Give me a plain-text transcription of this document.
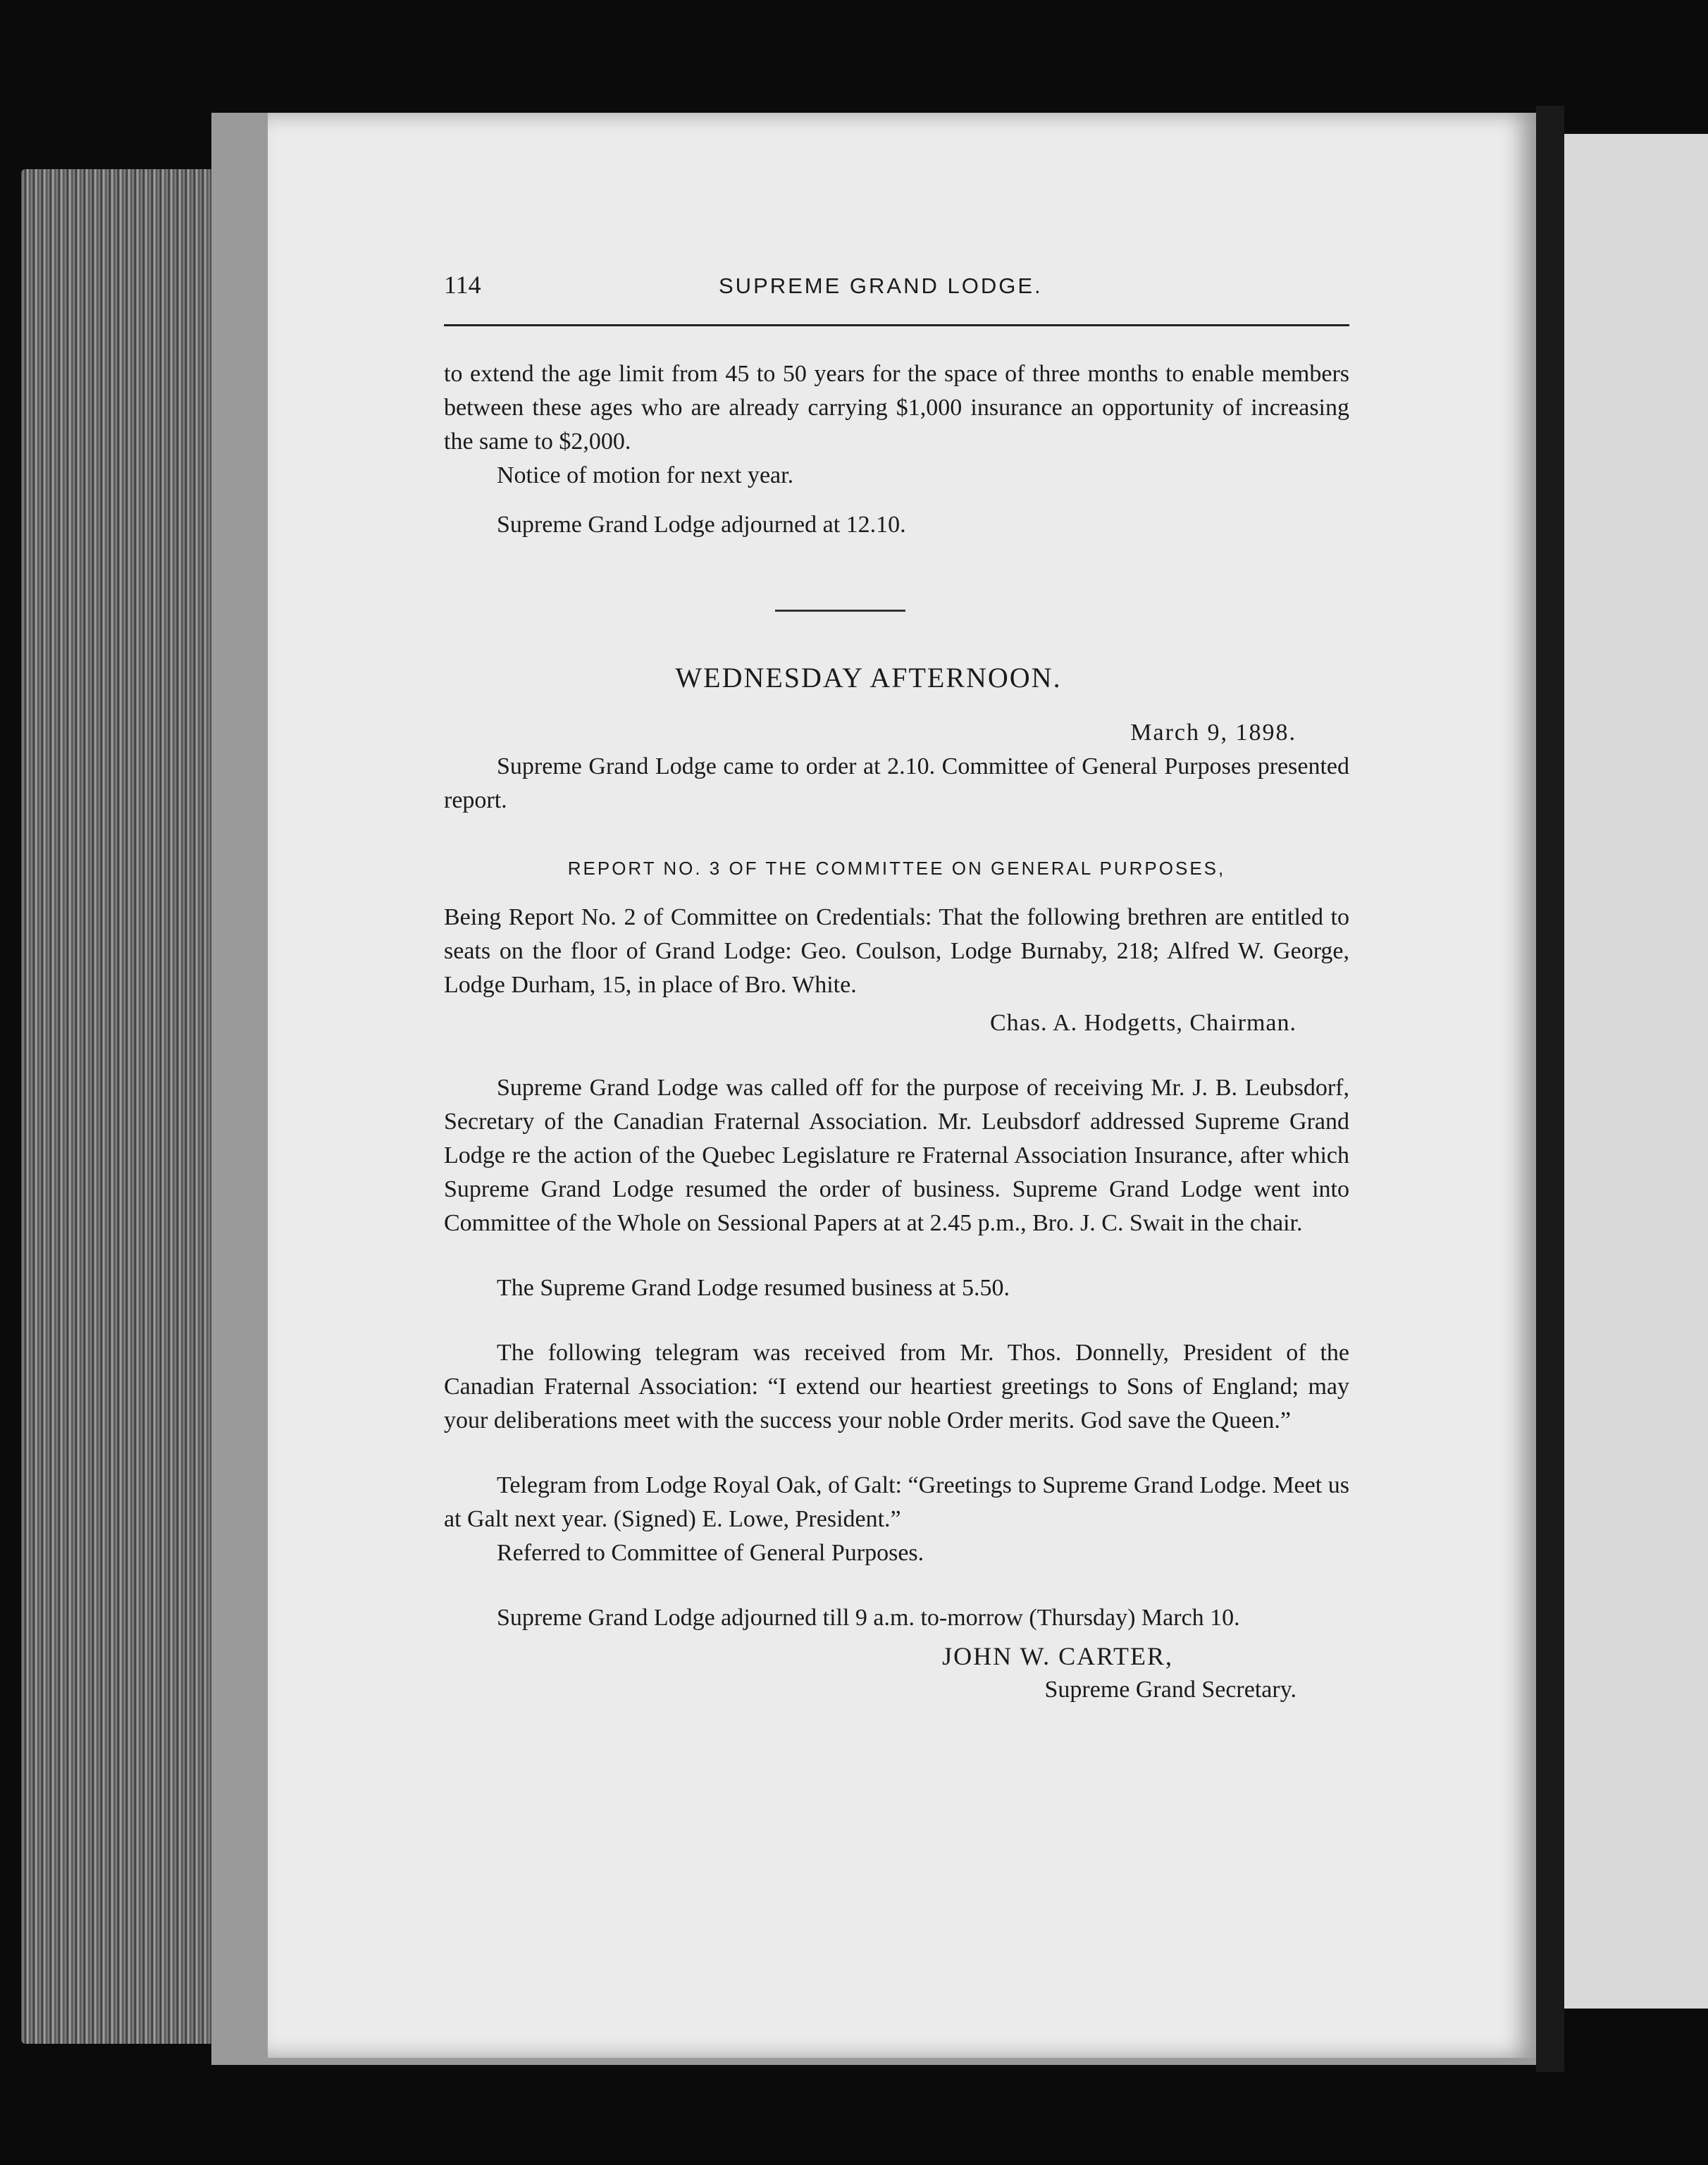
114	SUPREME GRAND LODGE.

to extend the age limit from 45 to 50 years for the space of three months to enable members between these ages who are already carrying $1,000 insurance an opportunity of increasing the same to $2,000.

Notice of motion for next year.

Supreme Grand Lodge adjourned at 12.10.

WEDNESDAY AFTERNOON.
March 9, 1898.

Supreme Grand Lodge came to order at 2.10. Committee of General Purposes presented report.

REPORT NO. 3 OF THE COMMITTEE ON GENERAL PURPOSES,

Being Report No. 2 of Committee on Credentials: That the following brethren are entitled to seats on the floor of Grand Lodge: Geo. Coulson, Lodge Burnaby, 218; Alfred W. George, Lodge Durham, 15, in place of Bro. White.

Chas. A. Hodgetts, Chairman.

Supreme Grand Lodge was called off for the purpose of receiving Mr. J. B. Leubsdorf, Secretary of the Canadian Fraternal Association. Mr. Leubsdorf addressed Supreme Grand Lodge re the action of the Quebec Legislature re Fraternal Association Insurance, after which Supreme Grand Lodge resumed the order of business. Supreme Grand Lodge went into Committee of the Whole on Sessional Papers at at 2.45 p.m., Bro. J. C. Swait in the chair.

The Supreme Grand Lodge resumed business at 5.50.

The following telegram was received from Mr. Thos. Donnelly, President of the Canadian Fraternal Association: “I extend our heartiest greetings to Sons of England; may your deliberations meet with the success your noble Order merits. God save the Queen.”

Telegram from Lodge Royal Oak, of Galt: “Greetings to Supreme Grand Lodge. Meet us at Galt next year. (Signed) E. Lowe, President.”

Referred to Committee of General Purposes.

Supreme Grand Lodge adjourned till 9 a.m. to-morrow (Thursday) March 10.

JOHN W. CARTER,
Supreme Grand Secretary.
